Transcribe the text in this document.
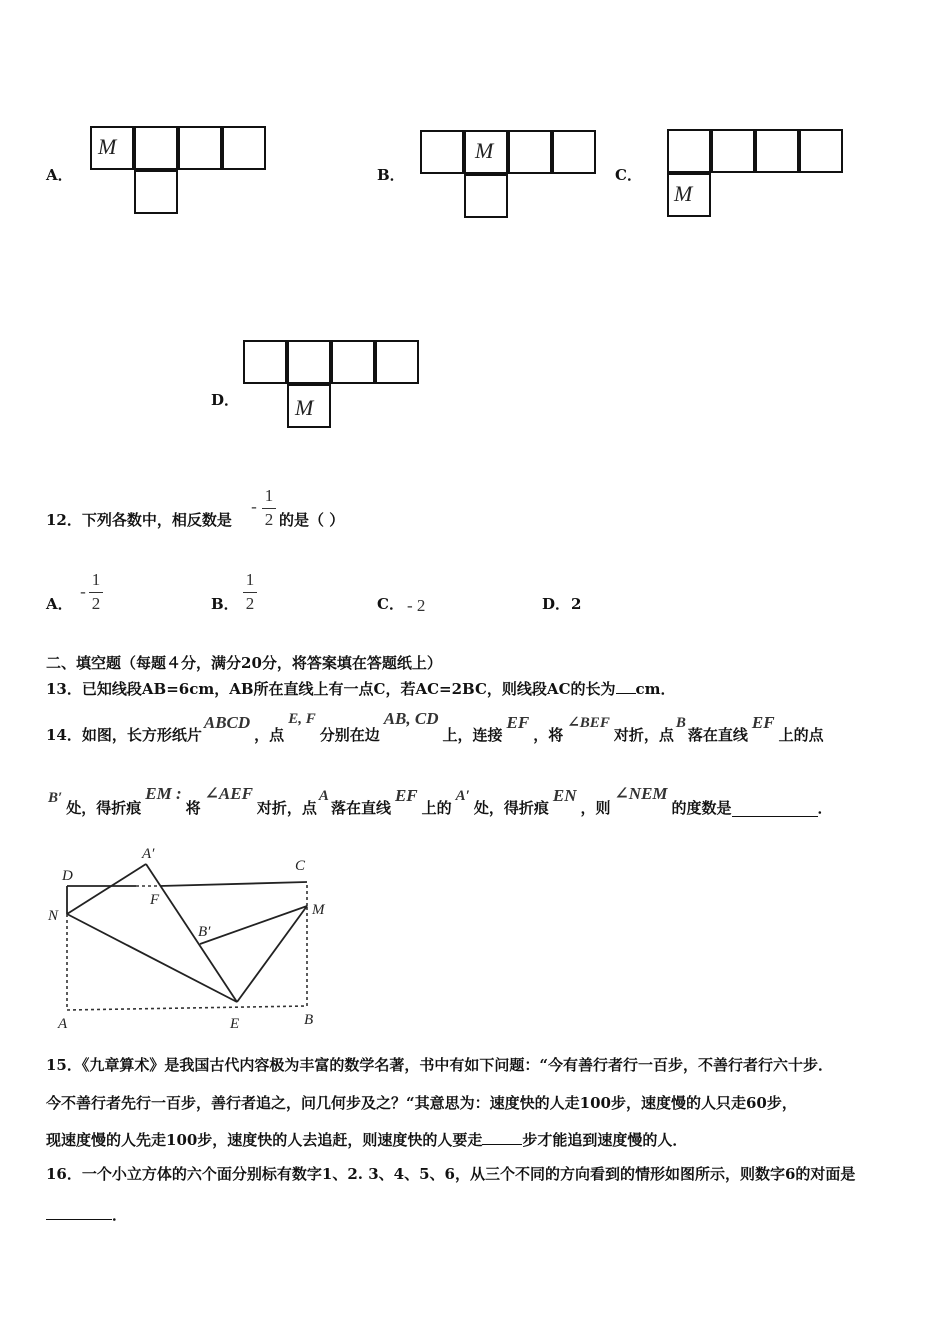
A．
M
B．
M
C．
M
D．	M
12．下列各数中，相反数是
-
1
2 的是（ ）
A．
-
1
2	B．
1
2	C． - 2	D． 2
二、填空题（每题４分，满分20分，将答案填在答题纸上）
13．已知线段AB=6cm，AB所在直线上有一点C，若AC=2BC，则线段AC的长为 cm．
14．如图，长方形纸片
ABCD
，点
E, F
分别在边
AB, CD
上，连接
EF
，将
∠BEF
对折，点
B
落在直线
EF
上的点
B′
处，得折痕
EM :
将
∠AEF
对折，点
A
落在直线
EF
上的
A′
处，得折痕
EN
，则
∠NEM
的度数是	．
D
A′
C
F
N	M
B′
A	E	B
15．《九章算术》是我国古代内容极为丰富的数学名著，书中有如下问题：“今有善行者行一百步，不善行者行六十步．
今不善行者先行一百步，善行者追之，问几何步及之？“其意思为：速度快的人走100步，速度慢的人只走60步，
现速度慢的人先走100步，速度快的人去追赶，则速度快的人要走	步才能追到速度慢的人．
16．一个小立方体的六个面分别标有数字1、2. 3、4、5、6，从三个不同的方向看到的情形如图所示，则数字6的对面是
．
